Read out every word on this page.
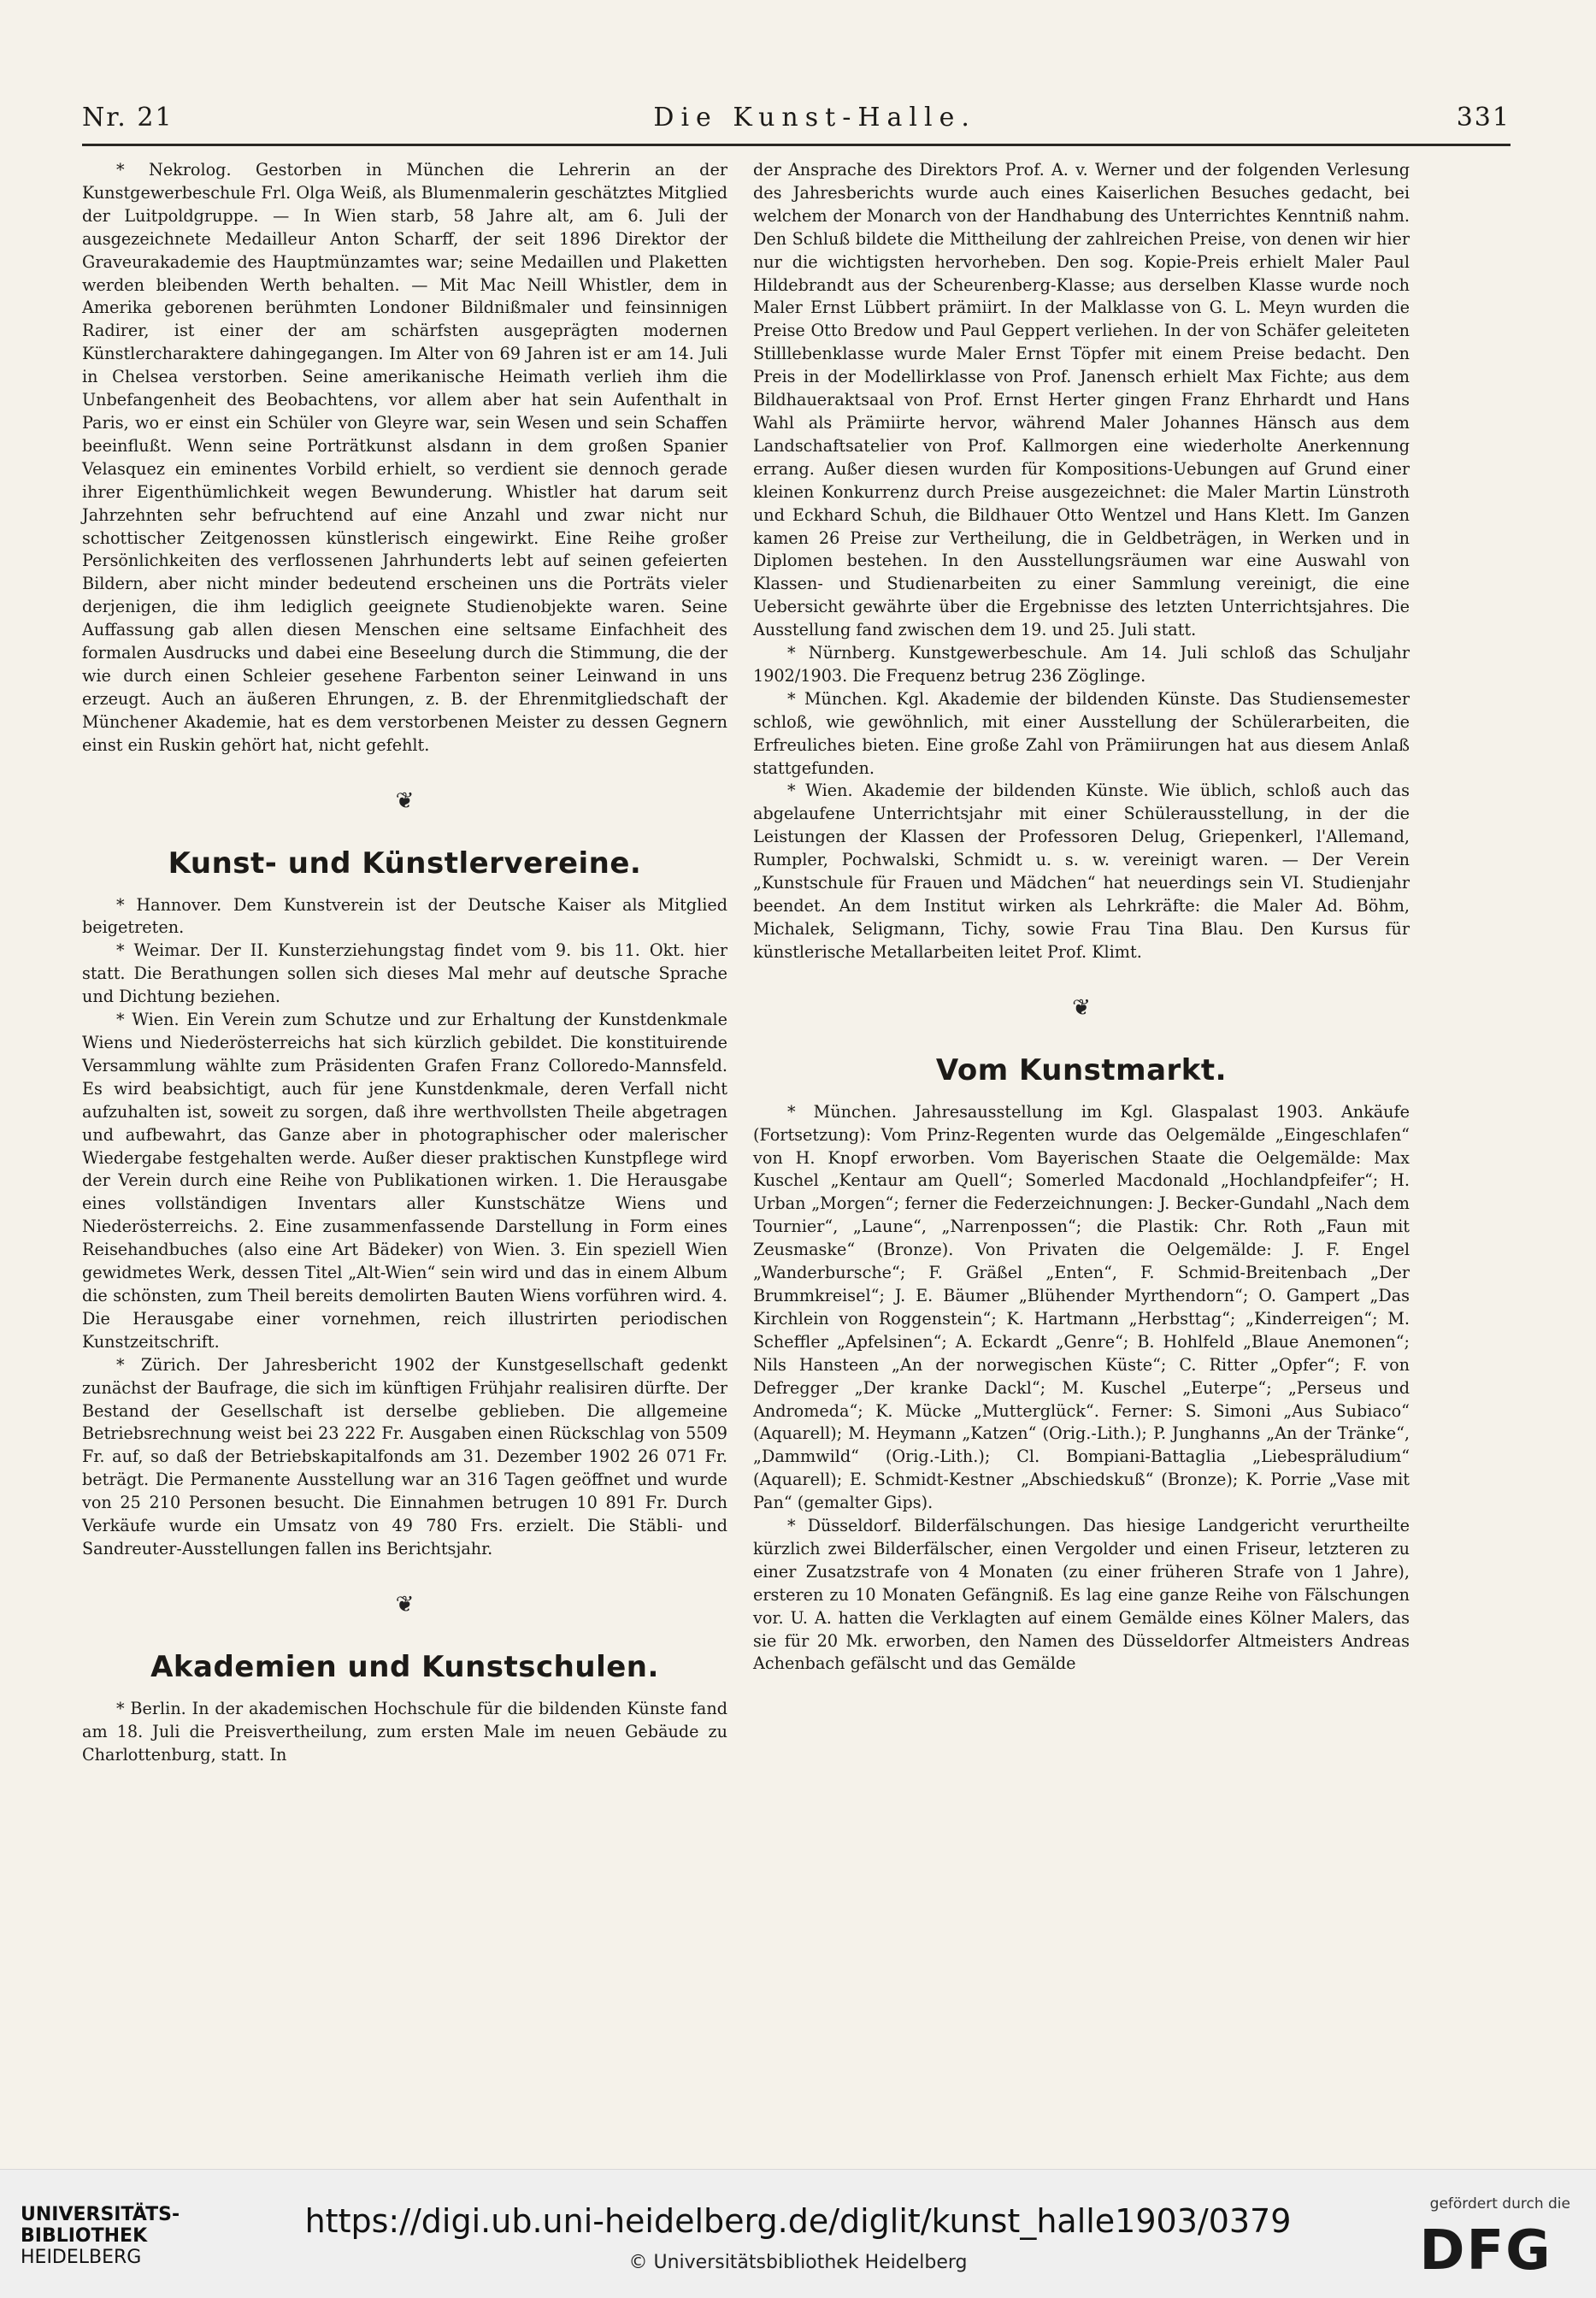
Nr. 21	Die Kunst-Halle.	331

* Nekrolog. Gestorben in München die Lehrerin an der Kunstgewerbeschule Frl. Olga Weiß, als Blumenmalerin geschätztes Mitglied der Luitpoldgruppe. — In Wien starb, 58 Jahre alt, am 6. Juli der ausgezeichnete Medailleur Anton Scharff, der seit 1896 Direktor der Graveurakademie des Hauptmünzamtes war; seine Medaillen und Plaketten werden bleibenden Werth behalten. — Mit Mac Neill Whistler, dem in Amerika geborenen berühmten Londoner Bildnißmaler und feinsinnigen Radirer, ist einer der am schärfsten ausgeprägten modernen Künstlercharaktere dahingegangen. Im Alter von 69 Jahren ist er am 14. Juli in Chelsea verstorben. Seine amerikanische Heimath verlieh ihm die Unbefangenheit des Beobachtens, vor allem aber hat sein Aufenthalt in Paris, wo er einst ein Schüler von Gleyre war, sein Wesen und sein Schaffen beeinflußt. Wenn seine Porträtkunst alsdann in dem großen Spanier Velasquez ein eminentes Vorbild erhielt, so verdient sie dennoch gerade ihrer Eigenthümlichkeit wegen Bewunderung. Whistler hat darum seit Jahrzehnten sehr befruchtend auf eine Anzahl und zwar nicht nur schottischer Zeitgenossen künstlerisch eingewirkt. Eine Reihe großer Persönlichkeiten des verflossenen Jahrhunderts lebt auf seinen gefeierten Bildern, aber nicht minder bedeutend erscheinen uns die Porträts vieler derjenigen, die ihm lediglich geeignete Studienobjekte waren. Seine Auffassung gab allen diesen Menschen eine seltsame Einfachheit des formalen Ausdrucks und dabei eine Beseelung durch die Stimmung, die der wie durch einen Schleier gesehene Farbenton seiner Leinwand in uns erzeugt. Auch an äußeren Ehrungen, z. B. der Ehrenmitgliedschaft der Münchener Akademie, hat es dem verstorbenen Meister zu dessen Gegnern einst ein Ruskin gehört hat, nicht gefehlt.

❦
Kunst- und Künstlervereine.

* Hannover. Dem Kunstverein ist der Deutsche Kaiser als Mitglied beigetreten.

* Weimar. Der II. Kunsterziehungstag findet vom 9. bis 11. Okt. hier statt. Die Berathungen sollen sich dieses Mal mehr auf deutsche Sprache und Dichtung beziehen.

* Wien. Ein Verein zum Schutze und zur Erhaltung der Kunstdenkmale Wiens und Niederösterreichs hat sich kürzlich gebildet. Die konstituirende Versammlung wählte zum Präsidenten Grafen Franz Colloredo-Mannsfeld. Es wird beabsichtigt, auch für jene Kunstdenkmale, deren Verfall nicht aufzuhalten ist, soweit zu sorgen, daß ihre werthvollsten Theile abgetragen und aufbewahrt, das Ganze aber in photographischer oder malerischer Wiedergabe festgehalten werde. Außer dieser praktischen Kunstpflege wird der Verein durch eine Reihe von Publikationen wirken. 1. Die Herausgabe eines vollständigen Inventars aller Kunstschätze Wiens und Niederösterreichs. 2. Eine zusammenfassende Darstellung in Form eines Reisehandbuches (also eine Art Bädeker) von Wien. 3. Ein speziell Wien gewidmetes Werk, dessen Titel „Alt-Wien“ sein wird und das in einem Album die schönsten, zum Theil bereits demolirten Bauten Wiens vorführen wird. 4. Die Herausgabe einer vornehmen, reich illustrirten periodischen Kunstzeitschrift.

* Zürich. Der Jahresbericht 1902 der Kunstgesellschaft gedenkt zunächst der Baufrage, die sich im künftigen Frühjahr realisiren dürfte. Der Bestand der Gesellschaft ist derselbe geblieben. Die allgemeine Betriebsrechnung weist bei 23 222 Fr. Ausgaben einen Rückschlag von 5509 Fr. auf, so daß der Betriebskapitalfonds am 31. Dezember 1902 26 071 Fr. beträgt. Die Permanente Ausstellung war an 316 Tagen geöffnet und wurde von 25 210 Personen besucht. Die Einnahmen betrugen 10 891 Fr. Durch Verkäufe wurde ein Umsatz von 49 780 Frs. erzielt. Die Stäbli- und Sandreuter-Ausstellungen fallen ins Berichtsjahr.

❦
Akademien und Kunstschulen.

* Berlin. In der akademischen Hochschule für die bildenden Künste fand am 18. Juli die Preisvertheilung, zum ersten Male im neuen Gebäude zu Charlottenburg, statt. In

der Ansprache des Direktors Prof. A. v. Werner und der folgenden Verlesung des Jahresberichts wurde auch eines Kaiserlichen Besuches gedacht, bei welchem der Monarch von der Handhabung des Unterrichtes Kenntniß nahm. Den Schluß bildete die Mittheilung der zahlreichen Preise, von denen wir hier nur die wichtigsten hervorheben. Den sog. Kopie-Preis erhielt Maler Paul Hildebrandt aus der Scheurenberg-Klasse; aus derselben Klasse wurde noch Maler Ernst Lübbert prämiirt. In der Malklasse von G. L. Meyn wurden die Preise Otto Bredow und Paul Geppert verliehen. In der von Schäfer geleiteten Stilllebenklasse wurde Maler Ernst Töpfer mit einem Preise bedacht. Den Preis in der Modellirklasse von Prof. Janensch erhielt Max Fichte; aus dem Bildhaueraktsaal von Prof. Ernst Herter gingen Franz Ehrhardt und Hans Wahl als Prämiirte hervor, während Maler Johannes Hänsch aus dem Landschaftsatelier von Prof. Kallmorgen eine wiederholte Anerkennung errang. Außer diesen wurden für Kompositions-Uebungen auf Grund einer kleinen Konkurrenz durch Preise ausgezeichnet: die Maler Martin Lünstroth und Eckhard Schuh, die Bildhauer Otto Wentzel und Hans Klett. Im Ganzen kamen 26 Preise zur Vertheilung, die in Geldbeträgen, in Werken und in Diplomen bestehen. In den Ausstellungsräumen war eine Auswahl von Klassen- und Studienarbeiten zu einer Sammlung vereinigt, die eine Uebersicht gewährte über die Ergebnisse des letzten Unterrichtsjahres. Die Ausstellung fand zwischen dem 19. und 25. Juli statt.

* Nürnberg. Kunstgewerbeschule. Am 14. Juli schloß das Schuljahr 1902/1903. Die Frequenz betrug 236 Zöglinge.

* München. Kgl. Akademie der bildenden Künste. Das Studiensemester schloß, wie gewöhnlich, mit einer Ausstellung der Schülerarbeiten, die Erfreuliches bieten. Eine große Zahl von Prämiirungen hat aus diesem Anlaß stattgefunden.

* Wien. Akademie der bildenden Künste. Wie üblich, schloß auch das abgelaufene Unterrichtsjahr mit einer Schülerausstellung, in der die Leistungen der Klassen der Professoren Delug, Griepenkerl, l'Allemand, Rumpler, Pochwalski, Schmidt u. s. w. vereinigt waren. — Der Verein „Kunstschule für Frauen und Mädchen“ hat neuerdings sein VI. Studienjahr beendet. An dem Institut wirken als Lehrkräfte: die Maler Ad. Böhm, Michalek, Seligmann, Tichy, sowie Frau Tina Blau. Den Kursus für künstlerische Metallarbeiten leitet Prof. Klimt.

❦
Vom Kunstmarkt.

* München. Jahresausstellung im Kgl. Glaspalast 1903. Ankäufe (Fortsetzung): Vom Prinz-Regenten wurde das Oelgemälde „Eingeschlafen“ von H. Knopf erworben. Vom Bayerischen Staate die Oelgemälde: Max Kuschel „Kentaur am Quell“; Somerled Macdonald „Hochlandpfeifer“; H. Urban „Morgen“; ferner die Federzeichnungen: J. Becker-Gundahl „Nach dem Tournier“, „Laune“, „Narrenpossen“; die Plastik: Chr. Roth „Faun mit Zeusmaske“ (Bronze). Von Privaten die Oelgemälde: J. F. Engel „Wanderbursche“; F. Gräßel „Enten“, F. Schmid-Breitenbach „Der Brummkreisel“; J. E. Bäumer „Blühender Myrthendorn“; O. Gampert „Das Kirchlein von Roggenstein“; K. Hartmann „Herbsttag“; „Kinderreigen“; M. Scheffler „Apfelsinen“; A. Eckardt „Genre“; B. Hohlfeld „Blaue Anemonen“; Nils Hansteen „An der norwegischen Küste“; C. Ritter „Opfer“; F. von Defregger „Der kranke Dackl“; M. Kuschel „Euterpe“; „Perseus und Andromeda“; K. Mücke „Mutterglück“. Ferner: S. Simoni „Aus Subiaco“ (Aquarell); M. Heymann „Katzen“ (Orig.-Lith.); P. Junghanns „An der Tränke“, „Dammwild“ (Orig.-Lith.); Cl. Bompiani-Battaglia „Liebespräludium“ (Aquarell); E. Schmidt-Kestner „Abschiedskuß“ (Bronze); K. Porrie „Vase mit Pan“ (gemalter Gips).

* Düsseldorf. Bilderfälschungen. Das hiesige Landgericht verurtheilte kürzlich zwei Bilderfälscher, einen Vergolder und einen Friseur, letzteren zu einer Zusatzstrafe von 4 Monaten (zu einer früheren Strafe von 1 Jahre), ersteren zu 10 Monaten Gefängniß. Es lag eine ganze Reihe von Fälschungen vor. U. A. hatten die Verklagten auf einem Gemälde eines Kölner Malers, das sie für 20 Mk. erworben, den Namen des Düsseldorfer Altmeisters Andreas Achenbach gefälscht und das Gemälde

UNIVERSITÄTS-
BIBLIOTHEK
HEIDELBERG
https://digi.ub.uni-heidelberg.de/diglit/kunst_halle1903/0379
© Universitätsbibliothek Heidelberg
gefördert durch die
DFG
